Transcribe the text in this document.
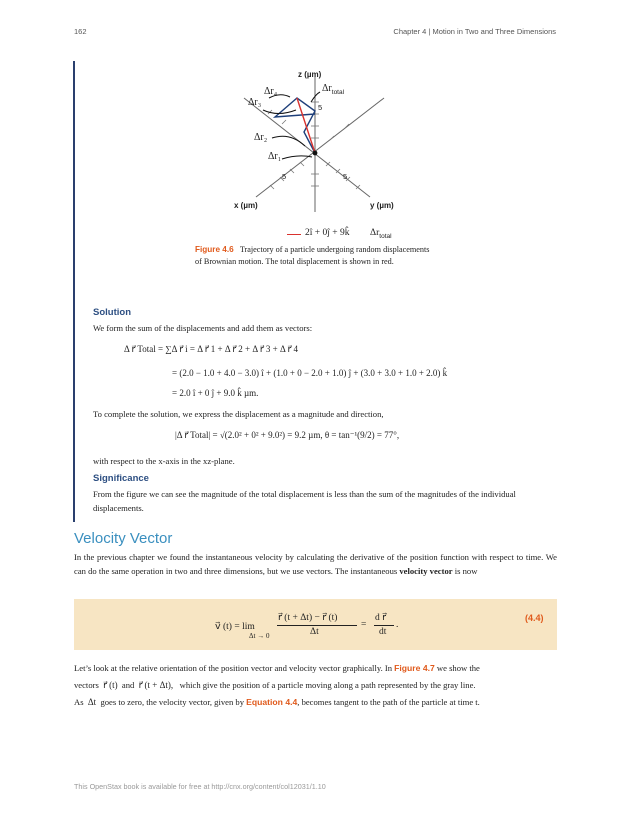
162	Chapter 4 | Motion in Two and Three Dimensions
z (µm)
5
5	5
x (µm)	y (µm)
Δr₄
Δr₃
Δr₂
Δr₁
$\Delta r_{total}$
2î + 0ĵ + 9k̂ $\Delta r_{total}$
Figure 4.6 Trajectory of a particle undergoing random displacements of Brownian motion. The total displacement is shown in red.
Solution
We form the sum of the displacements and add them as vectors:
Δ r⃗ Total = ∑Δ r⃗ i = Δ r⃗ 1 + Δ r⃗ 2 + Δ r⃗ 3 + Δ r⃗ 4
= (2.0 − 1.0 + 4.0 − 3.0) î + (1.0 + 0 − 2.0 + 1.0) ĵ + (3.0 + 3.0 + 1.0 + 2.0) k̂
= 2.0 î + 0 ĵ + 9.0 k̂ µm.
To complete the solution, we express the displacement as a magnitude and direction,
|Δ r⃗ Total| = √(2.0² + 0² + 9.0²) = 9.2 µm, θ = tan⁻¹(9/2) = 77°,
with respect to the x-axis in the xz-plane.
Significance
From the figure we can see the magnitude of the total displacement is less than the sum of the magnitudes of the individual displacements.
Velocity Vector
In the previous chapter we found the instantaneous velocity by calculating the derivative of the position function with respect to time. We can do the same operation in two and three dimensions, but we use vectors. The instantaneous velocity vector is now
v⃗ (t) = lim
Δt → 0
r⃗ (t + Δt) − r⃗ (t)
Δt
=
d r⃗
dt
.
(4.4)
Let’s look at the relative orientation of the position vector and velocity vector graphically. In Figure 4.7 we show the
vectors r⃗ (t) and r⃗ (t + Δt), which give the position of a particle moving along a path represented by the gray line.
As Δt goes to zero, the velocity vector, given by Equation 4.4, becomes tangent to the path of the particle at time t.
This OpenStax book is available for free at http://cnx.org/content/col12031/1.10
